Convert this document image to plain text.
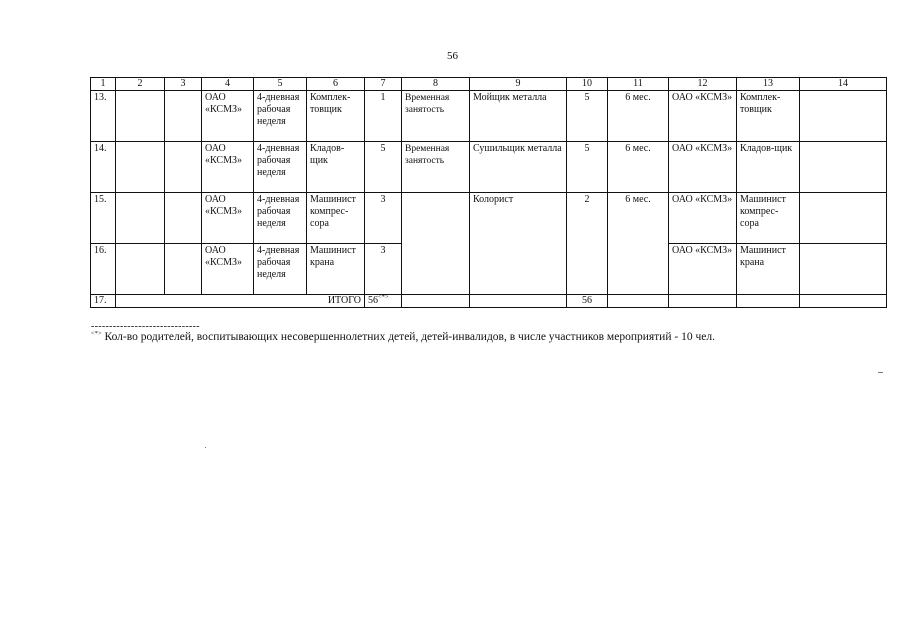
56
1	2	3	4	5	6	7	8	9	10	11	12	13	14
13.			ОАО «КСМЗ»	4-дневная рабочая неделя	Комплек-товщик	1	Временная занятость	Мойщик металла	5	6 мес.	ОАО «КСМЗ»	Комплек-товщик	
14.			ОАО «КСМЗ»	4-дневная рабочая неделя	Кладов-щик	5	Временная занятость	Сушильщик металла	5	6 мес.	ОАО «КСМЗ»	Кладов-щик	
15.			ОАО «КСМЗ»	4-дневная рабочая неделя	Машинист компрес-сора	3		Колорист	2	6 мес.	ОАО «КСМЗ»	Машинист компрес-сора	
16.			ОАО «КСМЗ»	4-дневная рабочая неделя	Машинист крана	3					ОАО «КСМЗ»	Машинист крана	
17.	ИТОГО					56<*>			56				
------------------------------
<*> Кол-во родителей, воспитывающих несовершеннолетних детей, детей-инвалидов, в числе участников мероприятий - 10 чел.
